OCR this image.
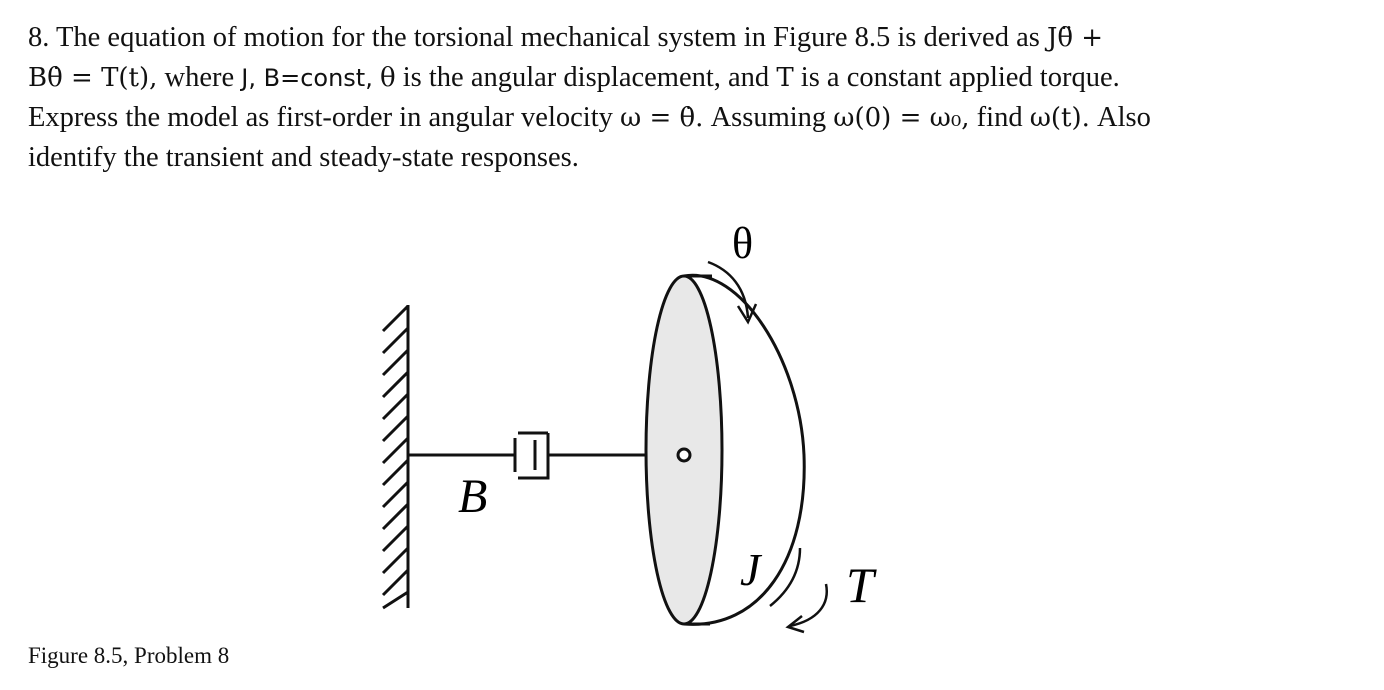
8. The equation of motion for the torsional mechanical system in Figure 8.5 is derived as Jθ̈ +

Bθ̇ = T(t), where J, B=const, θ is the angular displacement, and T is a constant applied torque.

Express the model as first-order in angular velocity ω = θ̇. Assuming ω(0) = ω₀, find ω(t). Also

identify the transient and steady-state responses.

θ
B
J T
Figure 8.5, Problem 8
